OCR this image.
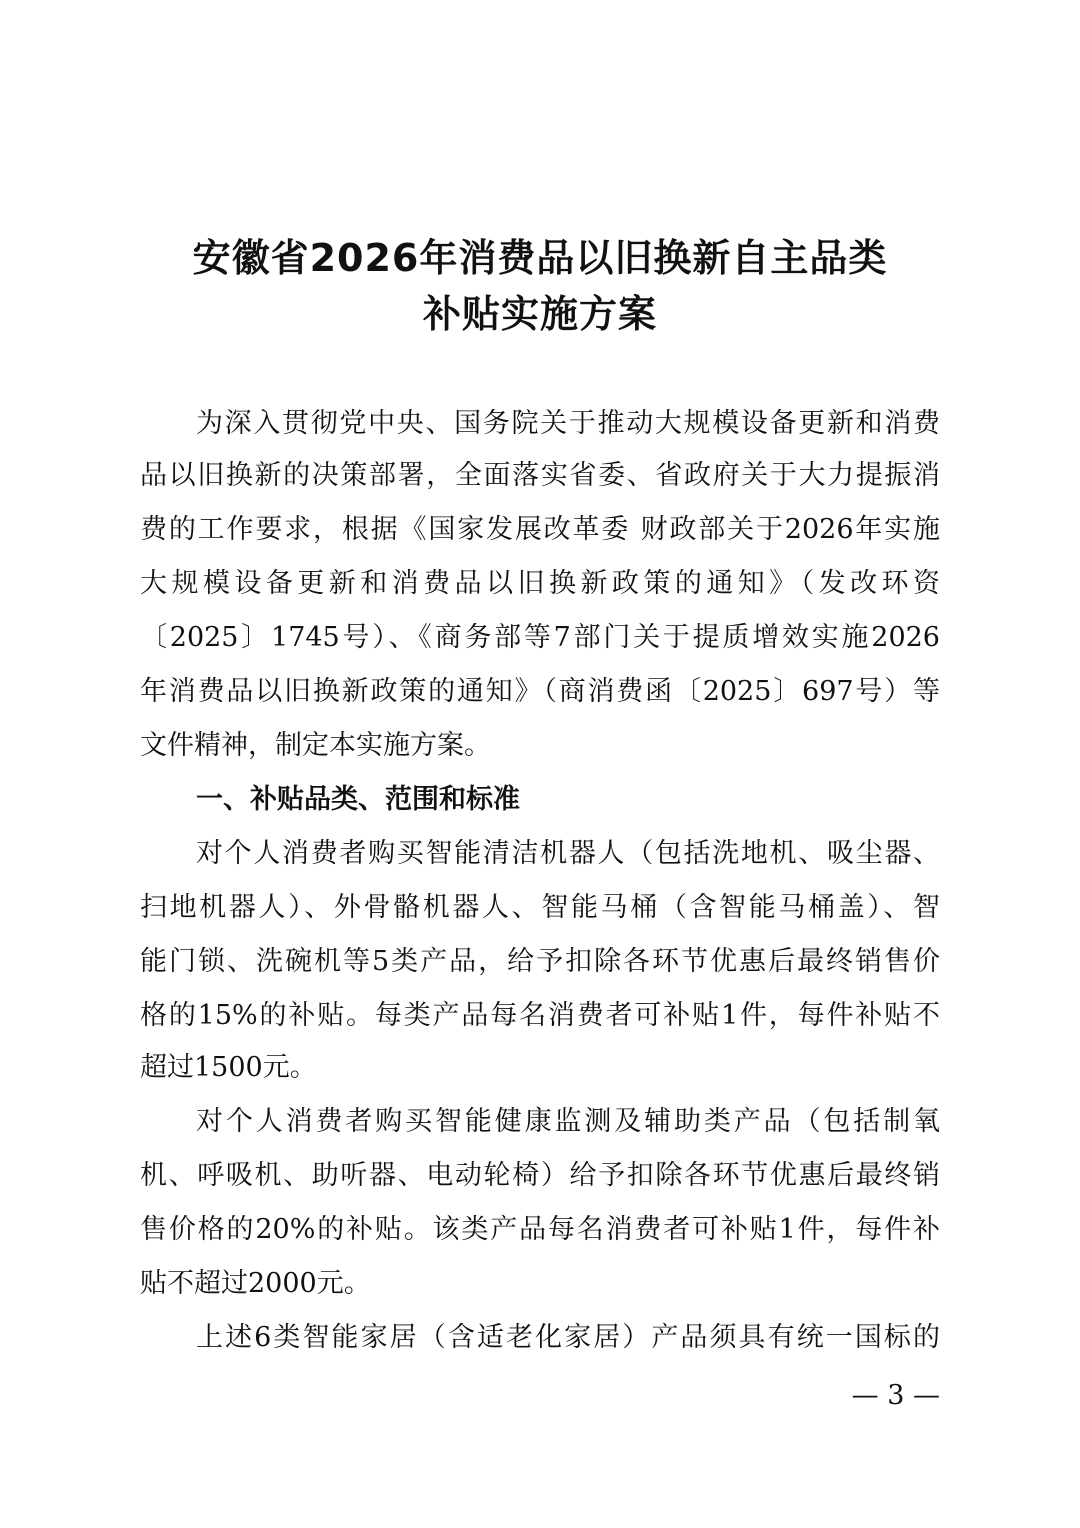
安徽省2026年消费品以旧换新自主品类
补贴实施方案
为深入贯彻党中央、国务院关于推动大规模设备更新和消费
品以旧换新的决策部署，全面落实省委、省政府关于大力提振消
费的工作要求，根据《国家发展改革委 财政部关于2026年实施
大规模设备更新和消费品以旧换新政策的通知》（发改环资
〔2025〕1745号）、《商务部等7部门关于提质增效实施2026
年消费品以旧换新政策的通知》（商消费函〔2025〕697号）等
文件精神，制定本实施方案。
一、补贴品类、范围和标准
对个人消费者购买智能清洁机器人（包括洗地机、吸尘器、
扫地机器人）、外骨骼机器人、智能马桶（含智能马桶盖）、智
能门锁、洗碗机等5类产品，给予扣除各环节优惠后最终销售价
格的15%的补贴。每类产品每名消费者可补贴1件，每件补贴不
超过1500元。
对个人消费者购买智能健康监测及辅助类产品（包括制氧
机、呼吸机、助听器、电动轮椅）给予扣除各环节优惠后最终销
售价格的20%的补贴。该类产品每名消费者可补贴1件，每件补
贴不超过2000元。
上述6类智能家居（含适老化家居）产品须具有统一国标的
— 3 —
